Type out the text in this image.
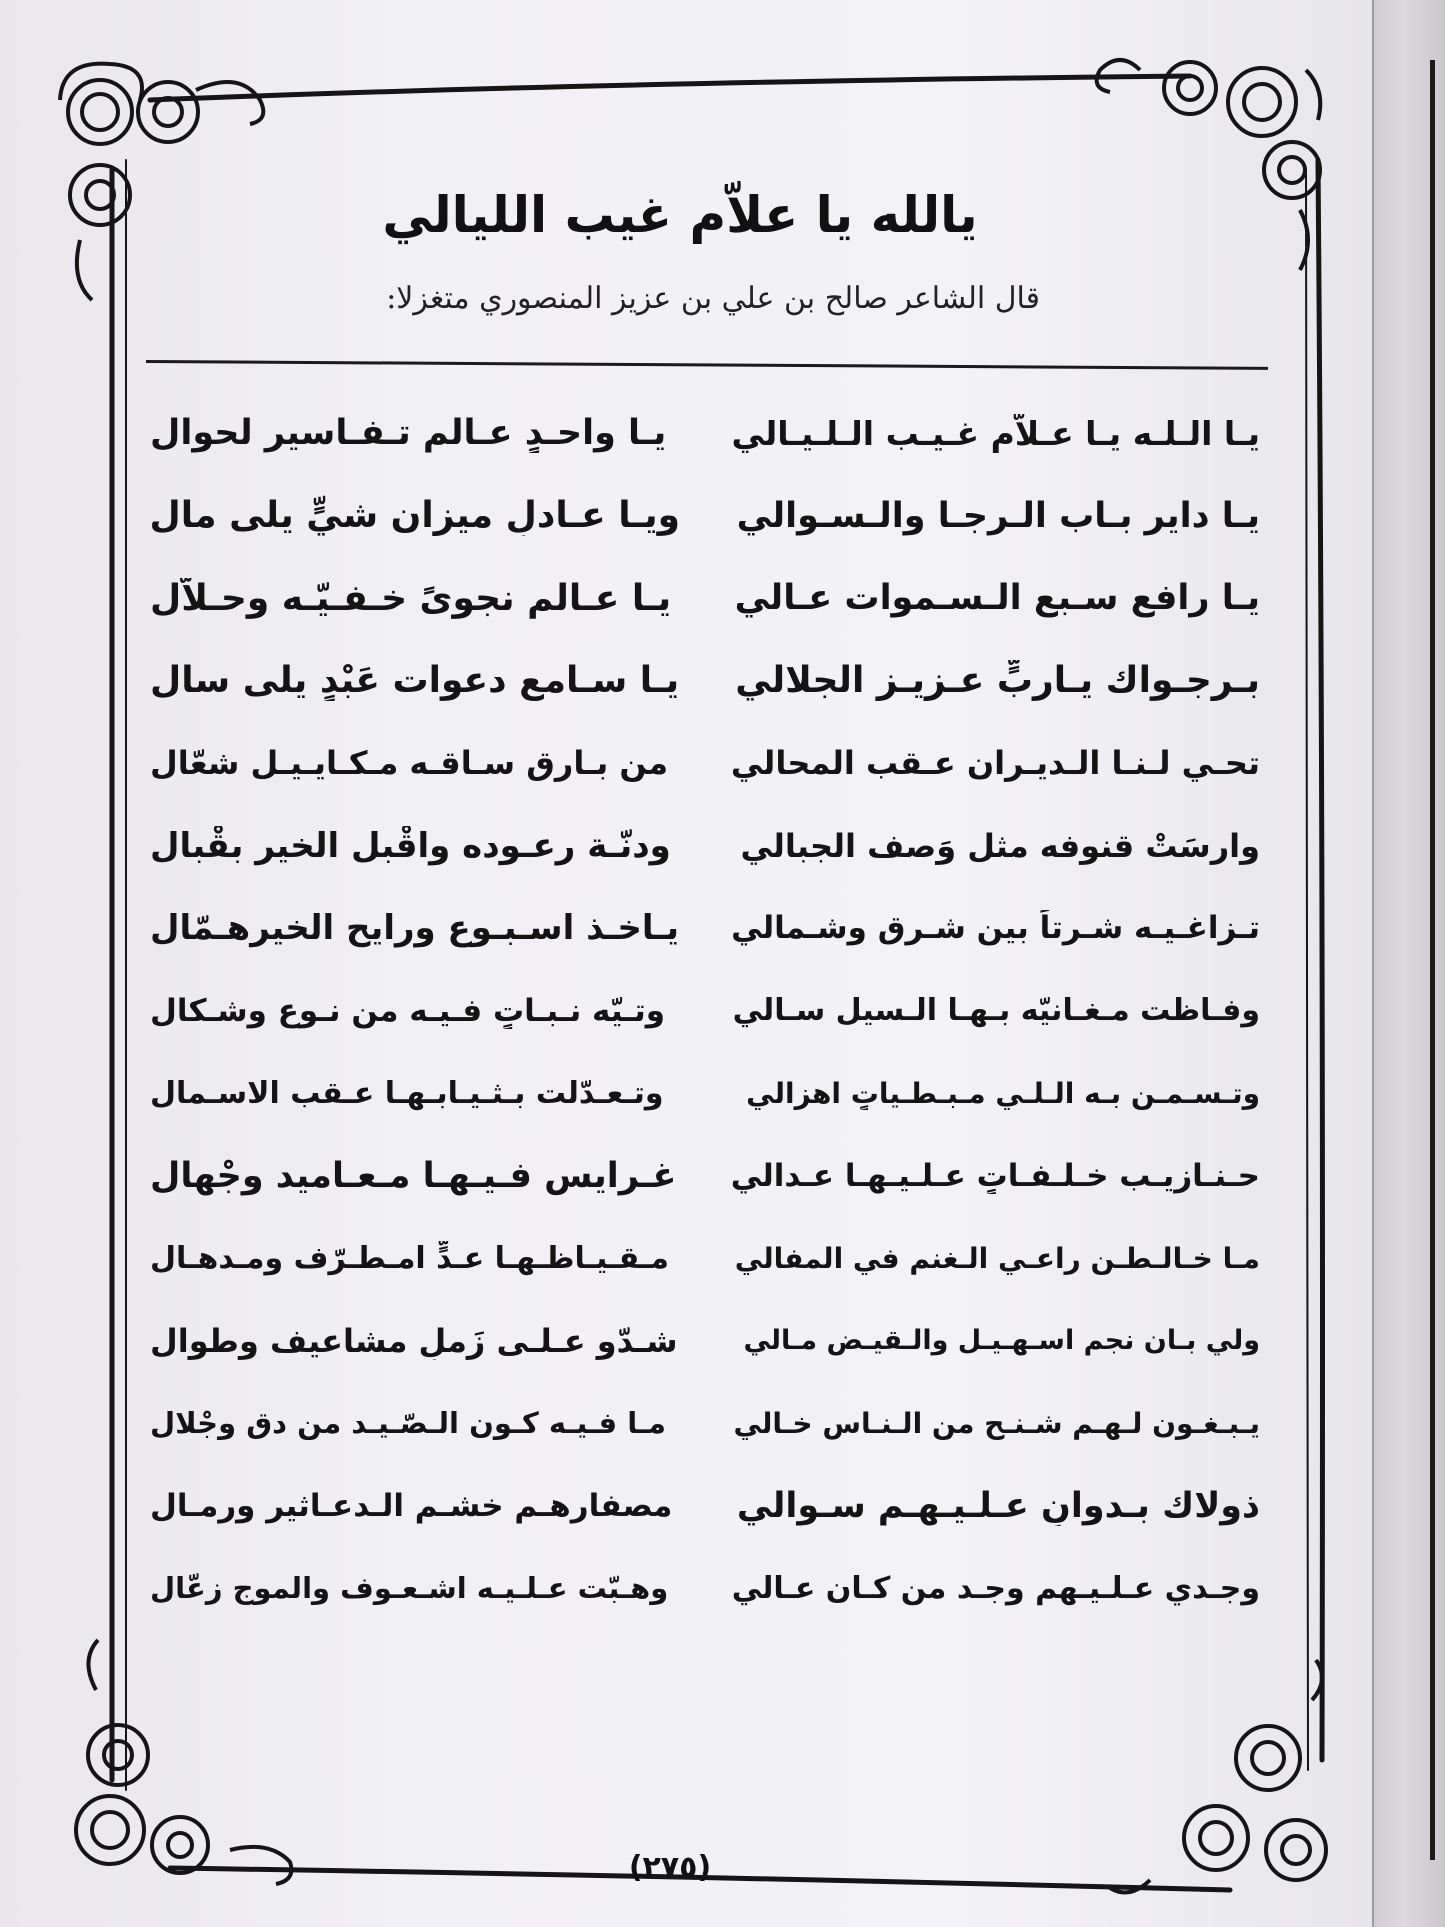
يالله يا علاّم غيب الليالي
قال الشاعر صالح بن علي بن عزيز المنصوري متغزلا:
يـا الـلـه يـا عـلاّم غـيـب الـلـيـالي
يـا واحـدٍ عـالم تـفـاسير لحوال
يـا دايرٍ بـاب الـرجـا والـسـوالي
ويـا عـادلٍ ميزان شيٍّ يلى مال
يـا رافعٍ سـبع الـسـموات عـالي
يـا عـالم نجوىً خـفـيّـه وحـلاّل
بـرجـواك يـاربٍّ عـزيـز الجلالي
يـا سـامع دعوات عَبْدٍ يلى سال
تحـي لـنـا الـديـران عـقب المحالي
من بـارقٍ سـاقـه مـكـايـيـل شعّال
وارسَتْ قنوفه مثل وَصف الجبالي
ودنّـة رعـوده واقْبل الخير بقْبال
تـزاغـيـه شـرتاً بين شـرق وشـمالي
يـاخـذ اسـبـوع ورايح الخيرهـمّال
وفـاظت مـغـانيّه بـهـا الـسيل سـالي
وتـيّه نـبـاتٍ فـيـه من نـوع وشـكال
وتـسـمـن بـه الـلـي مـبـطـياتٍ اهزالي
وتـعـدّلت بـثـيـابـهـا عـقب الاسـمال
حـنـازيـب خـلـفـاتٍ عـلـيـهـا عـدالي
غـرايسٍ فـيـهـا مـعـاميد وجْهال
مـا خـالـطـن راعـي الـغنم في المفالي
مـقـيـاظـهـا عـدٍّ امـطـرّف ومـدهـال
ولي بـان نجم اسـهـيـل والـقيـض مـالي
شـدّو عـلـى زَملٍ مشاعيف وطوال
يـبـغـون لـهـم شـنـحٍ من الـنـاس خـالي
مـا فـيـه كـون الـصّـيـد من دق وجْلال
ذولاك بـدوانٍ عـلـيـهـم سـوالي
مصفارهـم خشـم الـدعـاثير ورمـال
وجـدي عـلـيـهم وجـد من كـان عـالي
وهـبّت عـلـيـه اشـعـوف والموج زعّال
(٢٧٥)
